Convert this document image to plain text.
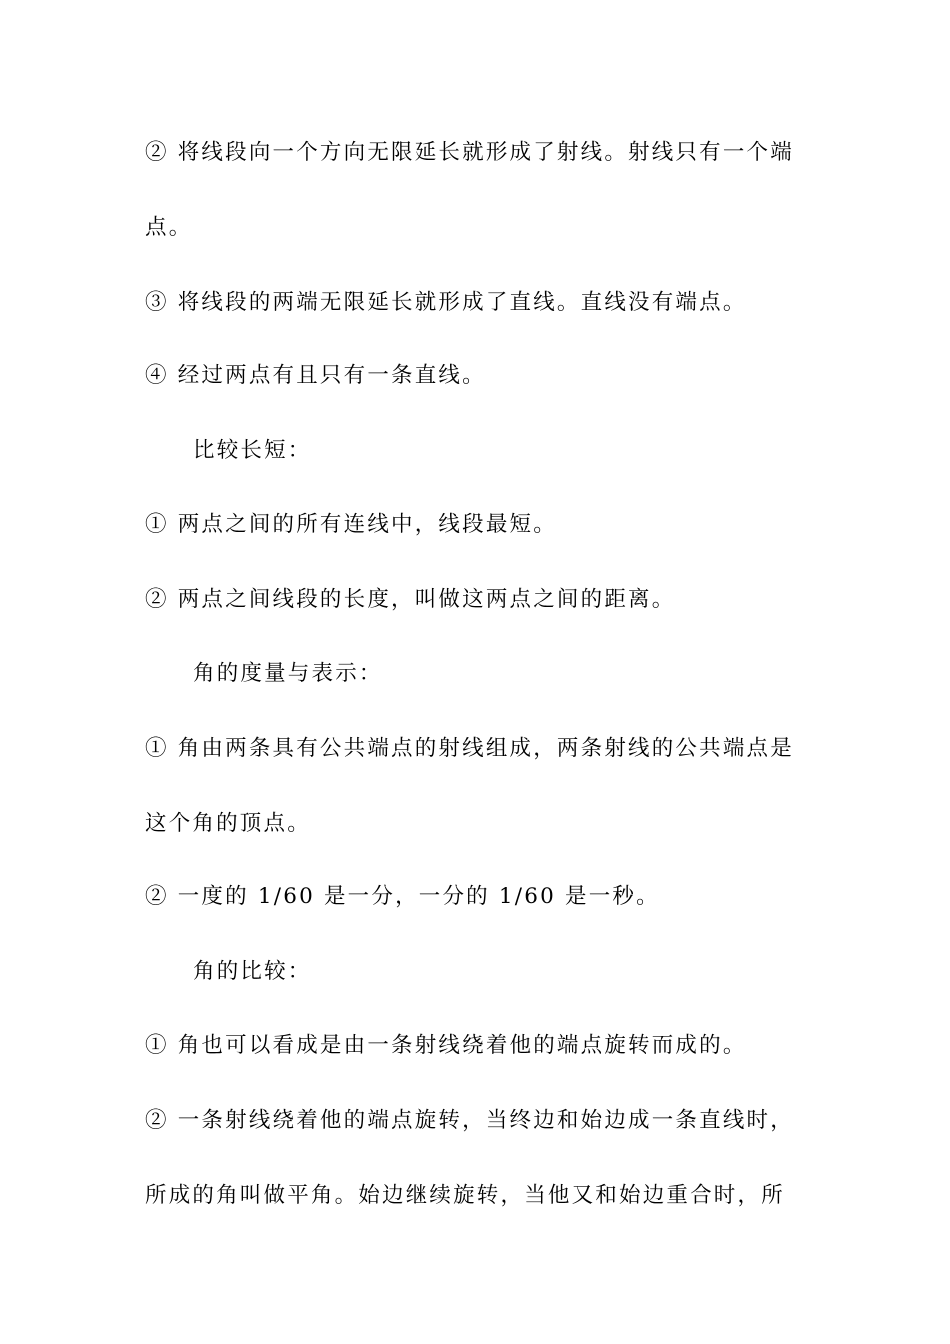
② 将线段向一个方向无限延长就形成了射线。射线只有一个端
点。
③ 将线段的两端无限延长就形成了直线。直线没有端点。
④ 经过两点有且只有一条直线。
比较长短：
① 两点之间的所有连线中，线段最短。
② 两点之间线段的长度，叫做这两点之间的距离。
角的度量与表示：
① 角由两条具有公共端点的射线组成，两条射线的公共端点是
这个角的顶点。
② 一度的 1/60 是一分，一分的 1/60 是一秒。
角的比较：
① 角也可以看成是由一条射线绕着他的端点旋转而成的。
② 一条射线绕着他的端点旋转，当终边和始边成一条直线时，
所成的角叫做平角。始边继续旋转，当他又和始边重合时，所
